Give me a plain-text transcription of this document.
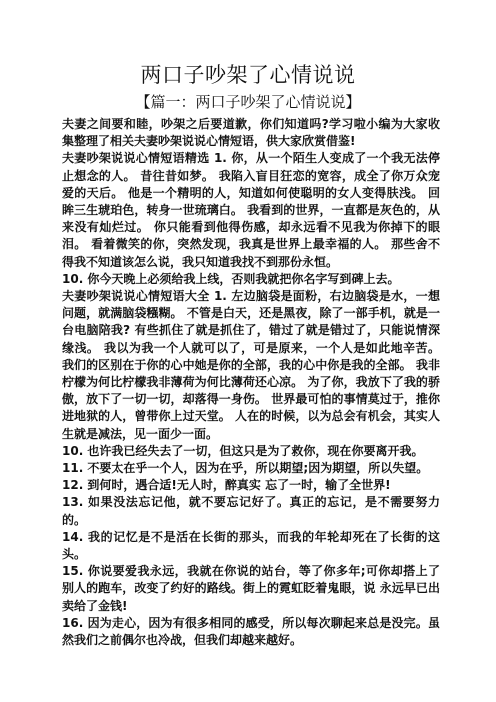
两口子吵架了心情说说
【篇一：两口子吵架了心情说说】

夫妻之间要和睦，吵架之后要道歉，你们知道吗?学习啦小编为大家收集整理了相关夫妻吵架说说心情短语，供大家欣赏借鉴!

夫妻吵架说说心情短语精选 1. 你，从一个陌生人变成了一个我无法停止想念的人。 昔往昔如梦。 我陷入盲目狂恋的宽容，成全了你万众宠爱的天后。 他是一个精明的人，知道如何使聪明的女人变得肤浅。 回眸三生琥珀色，转身一世琉璃白。 我看到的世界，一直都是灰色的，从来没有灿烂过。 你只能看到他得伤感，却永远看不见我为你掉下的眼泪。 看着微笑的你，突然发现，我真是世界上最幸福的人。 那些舍不得我不知道该怎么说，我只知道我找不到那份永恒。

10. 你今天晚上必须给我上线，否则我就把你名字写到碑上去。

夫妻吵架说说心情短语大全 1. 左边脑袋是面粉，右边脑袋是水，一想问题，就满脑袋糨糊。 不管是白天，还是黑夜，除了一部手机，就是一台电脑陪我? 有些抓住了就是抓住了，错过了就是错过了，只能说情深缘浅。 我以为我一个人就可以了，可是原来，一个人是如此地辛苦。 我们的区别在于你的心中她是你的全部，我的心中你是我的全部。 我非柠檬为何比柠檬我非薄荷为何比薄荷还心凉。 为了你，我放下了我的骄傲，放下了一切一切，却落得一身伤。 世界最可怕的事情莫过于，推你进地狱的人，曾带你上过天堂。 人在的时候，以为总会有机会，其实人生就是减法，见一面少一面。

10. 也许我已经失去了一切，但这只是为了救你，现在你要离开我。

11. 不要太在乎一个人，因为在乎，所以期望;因为期望，所以失望。

12. 到何时，遇合适!无人时，醉真实 忘了一时，输了全世界!

13. 如果没法忘记他，就不要忘记好了。真正的忘记，是不需要努力的。

14. 我的记忆是不是活在长街的那头，而我的年轮却死在了长街的这头。

15. 你说要爱我永远，我就在你说的站台，等了你多年;可你却搭上了别人的跑车，改变了约好的路线。街上的霓虹眨着鬼眼，说 永远早已出卖给了金钱!

16. 因为走心，因为有很多相同的感受，所以每次聊起来总是没完。虽然我们之前偶尔也冷战，但我们却越来越好。
